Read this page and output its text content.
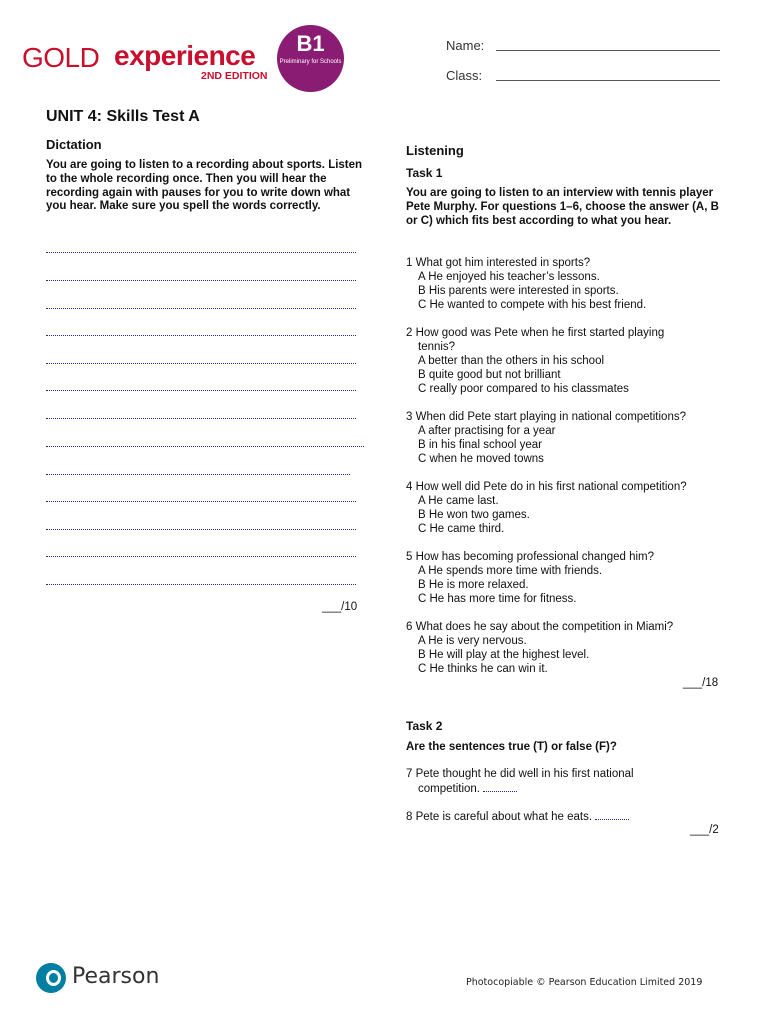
GOLD experience
2ND EDITION
B1
Preliminary for Schools
Name:
Class:
UNIT 4: Skills Test A
Dictation
You are going to listen to a recording about sports. Listen to the whole recording once. Then you will hear the recording again with pauses for you to write down what you hear. Make sure you spell the words correctly.
___/10
Listening
Task 1
You are going to listen to an interview with tennis player Pete Murphy. For questions 1–6, choose the answer (A, B or C) which fits best according to what you hear.
1 What got him interested in sports?
A He enjoyed his teacher’s lessons.
B His parents were interested in sports.
C He wanted to compete with his best friend.
2 How good was Pete when he first started playing
tennis?
A better than the others in his school
B quite good but not brilliant
C really poor compared to his classmates
3 When did Pete start playing in national competitions?
A after practising for a year
B in his final school year
C when he moved towns
4 How well did Pete do in his first national competition?
A He came last.
B He won two games.
C He came third.
5 How has becoming professional changed him?
A He spends more time with friends.
B He is more relaxed.
C He has more time for fitness.
6 What does he say about the competition in Miami?
A He is very nervous.
B He will play at the highest level.
C He thinks he can win it.
___/18
Task 2
Are the sentences true (T) or false (F)?
7 Pete thought he did well in his first national
competition.
8 Pete is careful about what he eats.
___/2
Pearson	Photocopiable © Pearson Education Limited 2019
